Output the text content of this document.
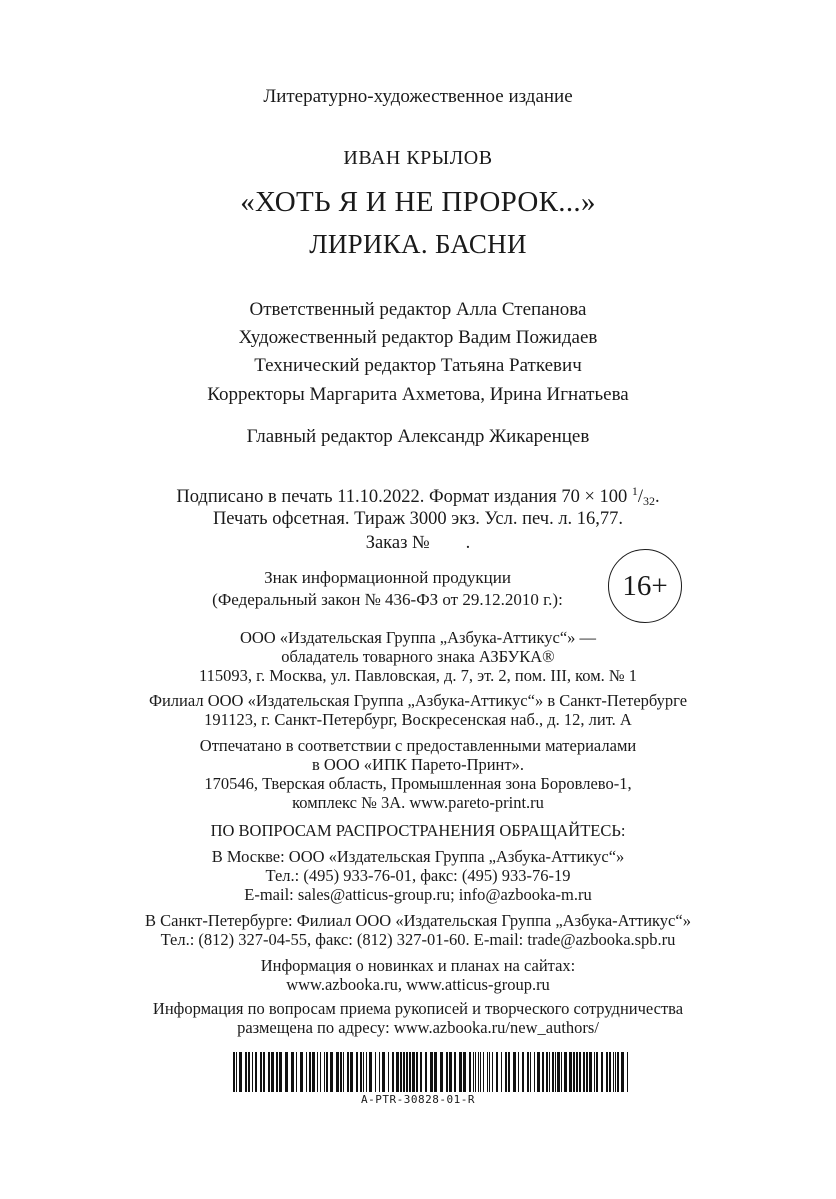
Литературно-художественное издание
ИВАН КРЫЛОВ
«ХОТЬ Я И НЕ ПРОРОК...»
ЛИРИКА. БАСНИ
Ответственный редактор Алла Степанова
Художественный редактор Вадим Пожидаев
Технический редактор Татьяна Раткевич
Корректоры Маргарита Ахметова, Ирина Игнатьева
Главный редактор Александр Жикаренцев
Подписано в печать 11.10.2022. Формат издания 70 × 100 $^1$/32.
Печать офсетная. Тираж 3000 экз. Усл. печ. л. 16,77.
Заказ № .
Знак информационной продукции
(Федеральный закон № 436-ФЗ от 29.12.2010 г.):	16+
ООО «Издательская Группа „Азбука-Аттикус“» —
обладатель товарного знака АЗБУКА®
115093, г. Москва, ул. Павловская, д. 7, эт. 2, пом. III, ком. № 1
Филиал ООО «Издательская Группа „Азбука-Аттикус“» в Санкт-Петербурге
191123, г. Санкт-Петербург, Воскресенская наб., д. 12, лит. А
Отпечатано в соответствии с предоставленными материалами
в ООО «ИПК Парето-Принт».
170546, Тверская область, Промышленная зона Боровлево-1,
комплекс № 3А. www.pareto-print.ru
ПО ВОПРОСАМ РАСПРОСТРАНЕНИЯ ОБРАЩАЙТЕСЬ:
В Москве: ООО «Издательская Группа „Азбука-Аттикус“»
Тел.: (495) 933-76-01, факс: (495) 933-76-19
E-mail: sales@atticus-group.ru; info@azbooka-m.ru
В Санкт-Петербурге: Филиал ООО «Издательская Группа „Азбука-Аттикус“»
Тел.: (812) 327-04-55, факс: (812) 327-01-60. E-mail: trade@azbooka.spb.ru
Информация о новинках и планах на сайтах:
www.azbooka.ru, www.atticus-group.ru
Информация по вопросам приема рукописей и творческого сотрудничества
размещена по адресу: www.azbooka.ru/new_authors/
A-PTR-30828-01-R
